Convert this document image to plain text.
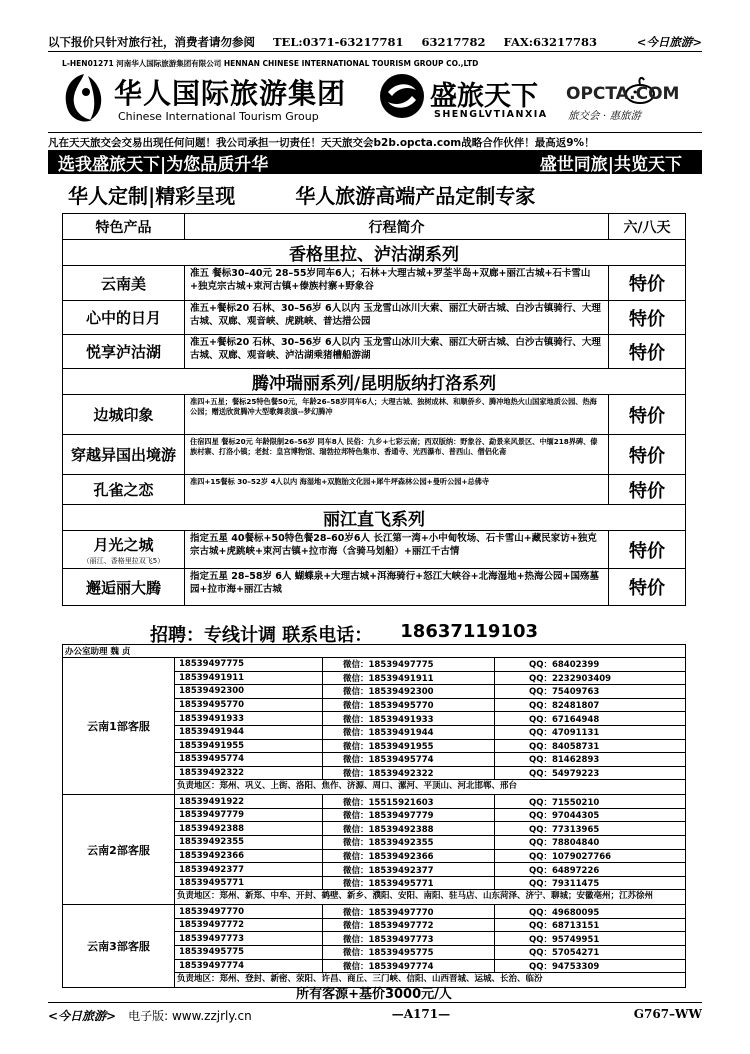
以下报价只针对旅行社，消费者请勿参阅 TEL:0371-63217781 63217782 FAX:63217783	<今日旅游>
L-HEN01271 河南华人国际旅游集团有限公司 HENNAN CHINESE INTERNATIONAL TOURISM GROUP CO.,LTD
华人国际旅游集团
Chinese International Tourism Group
盛旅天下
SHENGLVTIANXIA
OPCTA.COM
旅交会 · 惠旅游
凡在天天旅交会交易出现任何问题！我公司承担一切责任！天天旅交会b2b.opcta.com战略合作伙伴！最高返9%！
选我盛旅天下|为您品质升华	盛世同旅|共览天下
华人定制|精彩呈现	华人旅游高端产品定制专家
特色产品	行程简介	六/八天
香格里拉、泸沽湖系列
云南美
准五 餐标30–40元 28–55岁同车6人；石林+大理古城+罗荃半岛+双廊+丽江古城+石卡雪山+独克宗古城+束河古镇+傣族村寨+野象谷	特价
心中的日月
准五+餐标20 石林、30–56岁 6人以内 玉龙雪山冰川大索、丽江大研古城、白沙古镇骑行、大理古城、双廊、观音峡、虎跳峡、普达措公园	特价
悦享泸沽湖
准五+餐标20 石林、30–56岁 6人以内 玉龙雪山冰川大索、丽江大研古城、白沙古镇骑行、大理古城、双廊、观音峡、泸沽湖乘猪槽船游湖	特价
腾冲瑞丽系列/昆明版纳打洛系列
边城印象
准四+五星；餐标25特色餐50元，年龄26–58岁同车6人；大理古城、独树成林、和顺侨乡、腾冲地热火山国家地质公园、热海公园；赠送欣赏腾冲大型歌舞表演--梦幻腾冲	特价
穿越异国出境游
住宿四星 餐标20元 年龄限制26–56岁 同车8人 民俗：九乡+七彩云南；西双版纳：野象谷、勐景来风景区、中缅218界碑、傣族村寨、打洛小镇；老挝：皇宫博物馆、瑞勃拉邦特色集市、香通寺、光西瀑布、普西山、僧侣化斋	特价
孔雀之恋	准四+15餐标 30–52岁 4人以内 海湿地+双胞胎文化园+犀牛坪森林公园+曼听公园+总佛寺	特价
丽江直飞系列
月光之城
（丽江、香格里拉双飞5）
指定五星 40餐标+50特色餐28–60岁6人 长江第一湾+小中甸牧场、石卡雪山+藏民家访+独克宗古城+虎跳峡+束河古镇+拉市海（含骑马划船）+丽江千古情	特价
邂逅丽大腾
指定五星 28–58岁 6人 蝴蝶泉+大理古城+洱海骑行+怒江大峡谷+北海湿地+热海公园+国殇墓园+拉市海+丽江古城	特价
招聘：专线计调 联系电话： 18637119103
办公室助理 魏 贞
云南1部客服
18539497775	微信：18539497775	QQ：68402399
18539491911	微信：18539491911	QQ：2232903409
18539492300	微信：18539492300	QQ：75409763
18539495770	微信：18539495770	QQ：82481807
18539491933	微信：18539491933	QQ：67164948
18539491944	微信：18539491944	QQ：47091131
18539491955	微信：18539491955	QQ：84058731
18539495774	微信：18539495774	QQ：81462893
18539492322	微信：18539492322	QQ：54979223
负责地区：郑州、巩义、上街、洛阳、焦作、济源、周口、漯河、平顶山、河北邯郸、邢台
云南2部客服
18539491922	微信：15515921603	QQ：71550210
18539497779	微信：18539497779	QQ：97044305
18539492388	微信：18539492388	QQ：77313965
18539492355	微信：18539492355	QQ：78804840
18539492366	微信：18539492366	QQ：1079027766
18539492377	微信：18539492377	QQ：64897226
18539495771	微信：18539495771	QQ：79311475
负责地区：郑州、新郑、中牟、开封、鹤壁、新乡、濮阳、安阳、南阳、驻马店、山东菏泽、济宁、聊城；安徽亳州；江苏徐州
云南3部客服
18539497770	微信：18539497770	QQ：49680095
18539497772	微信：18539497772	QQ：68713151
18539497773	微信：18539497773	QQ：95749951
18539495775	微信：18539495775	QQ：57054271
18539497774	微信：18539497774	QQ：94753309
负责地区：郑州、登封、新密、荥阳、许昌、商丘、三门峡、信阳、山西晋城、运城、长治、临汾
所有客源+基价3000元/人
<今日旅游> 电子版: www.zzjrly.cn	—A171—	G767–WW
